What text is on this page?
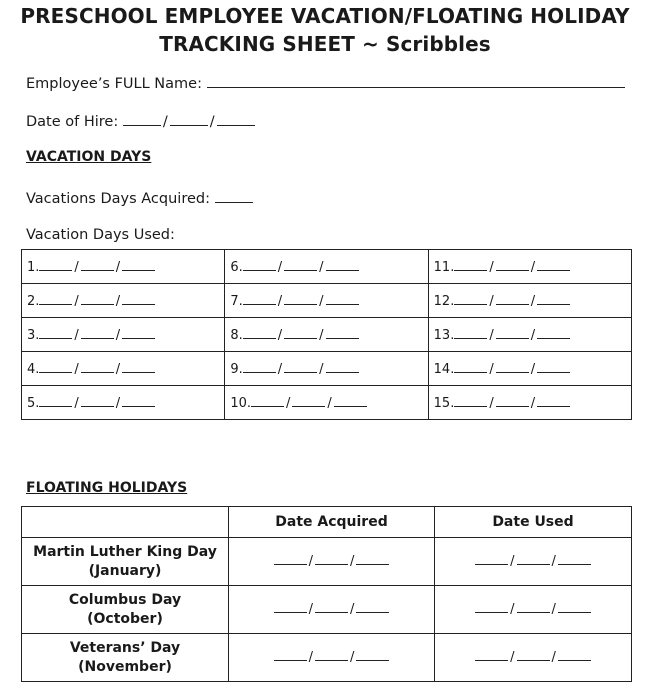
PRESCHOOL EMPLOYEE VACATION/FLOATING HOLIDAY
TRACKING SHEET ~ Scribbles
Employee’s FULL Name:
Date of Hire:	/	/
VACATION DAYS
Vacations Days Acquired:
Vacation Days Used:
1. / /	6. / /	11. / /
2. / /	7. / /	12. / /
3. / /	8. / /	13. / /
4. / /	9. / /	14. / /
5. / /	10. / /	15. / /
FLOATING HOLIDAYS
	Date Acquired	Date Used
Martin Luther King Day
(January)	/ /	/ /
Columbus Day
(October)	/ /	/ /
Veterans’ Day
(November)	/ /	/ /
